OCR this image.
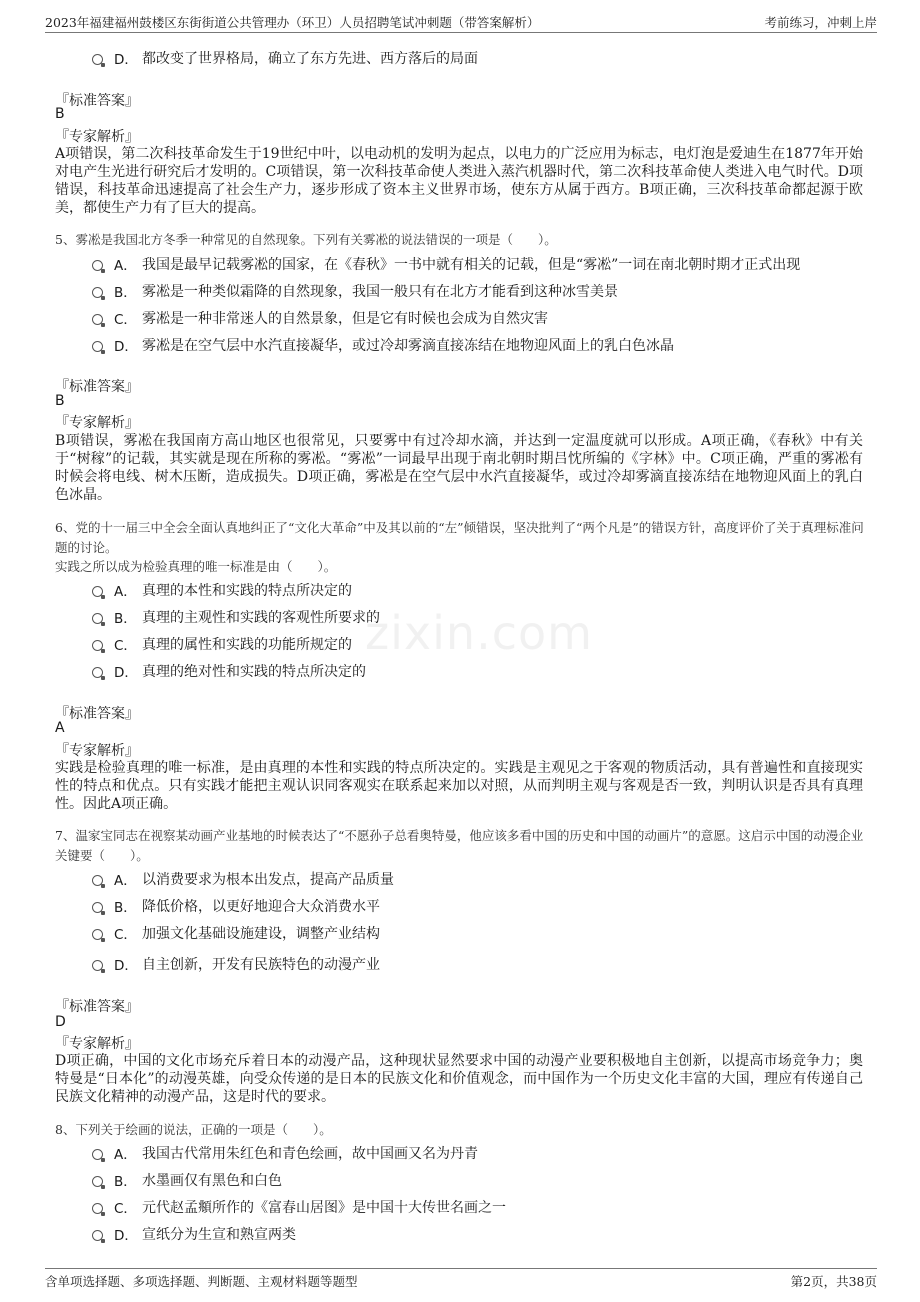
2023年福建福州鼓楼区东街街道公共管理办（环卫）人员招聘笔试冲刺题（带答案解析）	考前练习，冲刺上岸
zixin.com
D． 都改变了世界格局，确立了东方先进、西方落后的局面
『标准答案』
B
『专家解析』
A项错误，第二次科技革命发生于19世纪中叶，以电动机的发明为起点，以电力的广泛应用为标志，电灯泡是爱迪生在1877年开始对电产生光进行研究后才发明的。C项错误，第一次科技革命使人类进入蒸汽机器时代，第二次科技革命使人类进入电气时代。D项错误，科技革命迅速提高了社会生产力，逐步形成了资本主义世界市场，使东方从属于西方。B项正确，三次科技革命都起源于欧美，都使生产力有了巨大的提高。
5、雾凇是我国北方冬季一种常见的自然现象。下列有关雾凇的说法错误的一项是（　　）。
A． 我国是最早记载雾凇的国家，在《春秋》一书中就有相关的记载，但是“雾凇”一词在南北朝时期才正式出现
B． 雾凇是一种类似霜降的自然现象，我国一般只有在北方才能看到这种冰雪美景
C． 雾凇是一种非常迷人的自然景象，但是它有时候也会成为自然灾害
D． 雾凇是在空气层中水汽直接凝华，或过冷却雾滴直接冻结在地物迎风面上的乳白色冰晶
『标准答案』
B
『专家解析』
B项错误，雾凇在我国南方高山地区也很常见，只要雾中有过冷却水滴，并达到一定温度就可以形成。A项正确，《春秋》中有关于“树稼”的记载，其实就是现在所称的雾凇。“雾凇”一词最早出现于南北朝时期吕忱所编的《字林》中。C项正确，严重的雾凇有时候会将电线、树木压断，造成损失。D项正确，雾凇是在空气层中水汽直接凝华，或过冷却雾滴直接冻结在地物迎风面上的乳白色冰晶。
6、党的十一届三中全会全面认真地纠正了“文化大革命”中及其以前的“左”倾错误，坚决批判了“两个凡是”的错误方针，高度评价了关于真理标准问题的讨论。
实践之所以成为检验真理的唯一标准是由（　　）。
A． 真理的本性和实践的特点所决定的
B． 真理的主观性和实践的客观性所要求的
C． 真理的属性和实践的功能所规定的
D． 真理的绝对性和实践的特点所决定的
『标准答案』
A
『专家解析』
实践是检验真理的唯一标准，是由真理的本性和实践的特点所决定的。实践是主观见之于客观的物质活动，具有普遍性和直接现实性的特点和优点。只有实践才能把主观认识同客观实在联系起来加以对照，从而判明主观与客观是否一致，判明认识是否具有真理性。因此A项正确。
7、温家宝同志在视察某动画产业基地的时候表达了“不愿孙子总看奥特曼，他应该多看中国的历史和中国的动画片”的意愿。这启示中国的动漫企业关键要（　　）。
A． 以消费要求为根本出发点，提高产品质量
B． 降低价格，以更好地迎合大众消费水平
C． 加强文化基础设施建设，调整产业结构
D． 自主创新，开发有民族特色的动漫产业
『标准答案』
D
『专家解析』
D项正确，中国的文化市场充斥着日本的动漫产品，这种现状显然要求中国的动漫产业要积极地自主创新，以提高市场竞争力；奥特曼是“日本化”的动漫英雄，向受众传递的是日本的民族文化和价值观念，而中国作为一个历史文化丰富的大国，理应有传递自己民族文化精神的动漫产品，这是时代的要求。
8、下列关于绘画的说法，正确的一项是（　　）。
A． 我国古代常用朱红色和青色绘画，故中国画又名为丹青
B． 水墨画仅有黑色和白色
C． 元代赵孟頫所作的《富春山居图》是中国十大传世名画之一
D． 宣纸分为生宣和熟宣两类
含单项选择题、多项选择题、判断题、主观材料题等题型	第2页，共38页
